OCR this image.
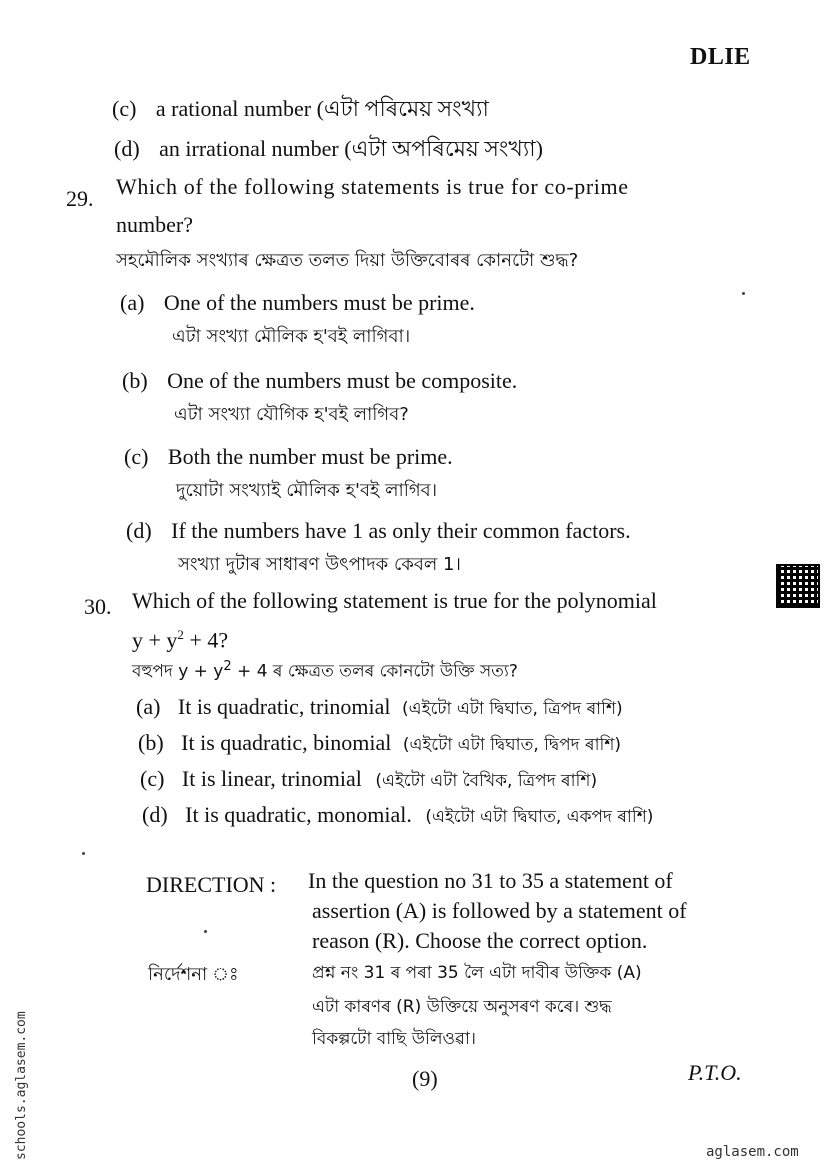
DLIE
(c) a rational number (এটা পৰিমেয় সংখ্যা
(d) an irrational number (এটা অপৰিমেয় সংখ্যা)
29. Which of the following statements is true for co-prime
number?
সহমৌলিক সংখ্যাৰ ক্ষেত্ৰত তলত দিয়া উক্তিবোৰৰ কোনটো শুদ্ধ?
(a) One of the numbers must be prime.
এটা সংখ্যা মৌলিক হ'বই লাগিবা।
(b) One of the numbers must be composite.
এটা সংখ্যা যৌগিক হ'বই লাগিব?
(c) Both the number must be prime.
দুয়োটা সংখ্যাই মৌলিক হ'বই লাগিব।
(d) If the numbers have 1 as only their common factors.
সংখ্যা দুটাৰ সাধাৰণ উৎপাদক কেবল 1।
30. Which of the following statement is true for the polynomial
$y + y^2 + 4$?
বহুপদ $y + y^2 + 4$ ৰ ক্ষেত্ৰত তলৰ কোনটো উক্তি সত্য?
(a) It is quadratic, trinomial (এইটো এটা দ্বিঘাত, ত্ৰিপদ ৰাশি)
(b) It is quadratic, binomial (এইটো এটা দ্বিঘাত, দ্বিপদ ৰাশি)
(c) It is linear, trinomial (এইটো এটা বৈখিক, ত্ৰিপদ ৰাশি)
(d) It is quadratic, monomial. (এইটো এটা দ্বিঘাত, একপদ ৰাশি)
DIRECTION : In the question no 31 to 35 a statement of
assertion (A) is followed by a statement of
reason (R). Choose the correct option.
নিৰ্দেশনা ঃ	প্ৰশ্ন নং 31 ৰ পৰা 35 লৈ এটা দাবীৰ উক্তিক (A)
এটা কাৰণৰ (R) উক্তিয়ে অনুসৰণ কৰে। শুদ্ধ
বিকল্পটো বাছি উলিওৱা।
(9)	P.T.O.
schools.aglasem.com	aglasem.com
